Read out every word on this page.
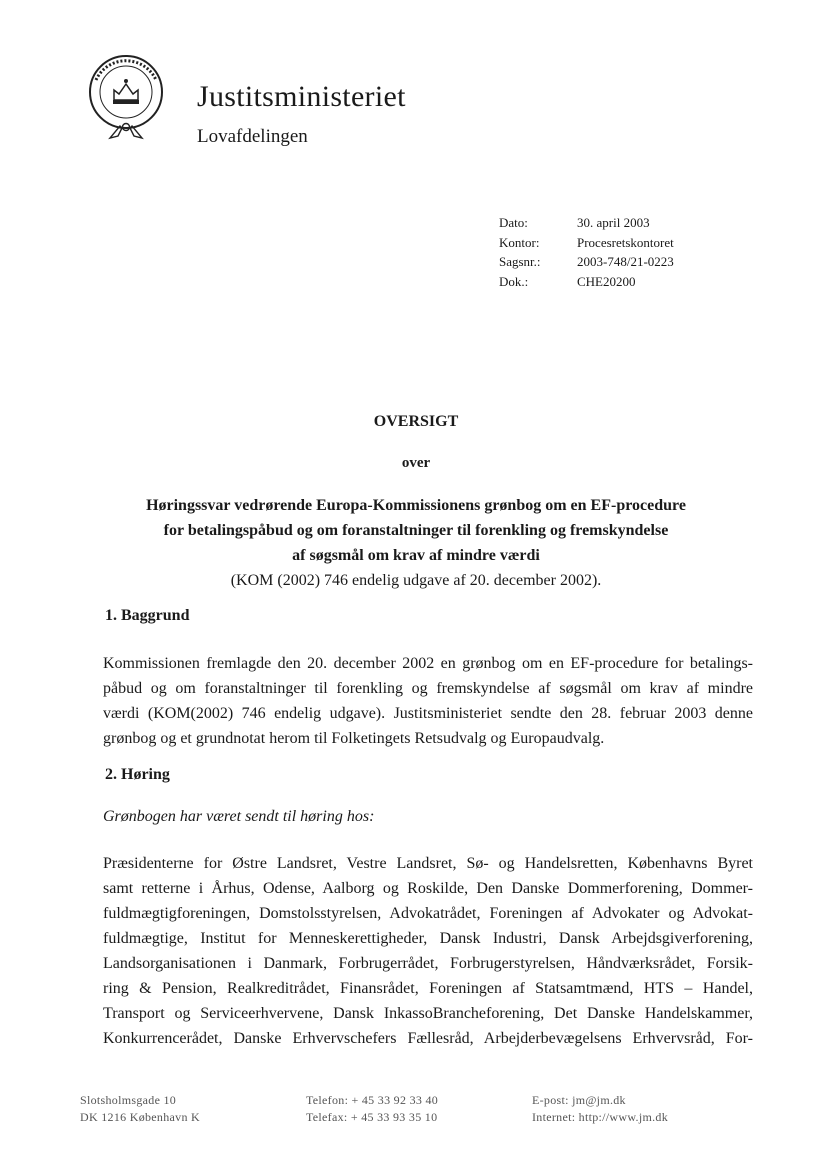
Justitsministeriet
Lovafdelingen
Dato:	30. april 2003
Kontor:	Procesretskontoret
Sagsnr.:	2003-748/21-0223
Dok.:	CHE20200
OVERSIGT
over
Høringssvar vedrørende Europa-Kommissionens grønbog om en EF-procedure
for betalingspåbud og om foranstaltninger til forenkling og fremskyndelse
af søgsmål om krav af mindre værdi
(KOM (2002) 746 endelig udgave af 20. december 2002).
1. Baggrund
Kommissionen fremlagde den 20. december 2002 en grønbog om en EF-procedure for betalings-
påbud og om foranstaltninger til forenkling og fremskyndelse af søgsmål om krav af mindre
værdi (KOM(2002) 746 endelig udgave). Justitsministeriet sendte den 28. februar 2003 denne
grønbog og et grundnotat herom til Folketingets Retsudvalg og Europaudvalg.
2. Høring
Grønbogen har været sendt til høring hos:
Præsidenterne for Østre Landsret, Vestre Landsret, Sø- og Handelsretten, Københavns Byret
samt retterne i Århus, Odense, Aalborg og Roskilde, Den Danske Dommerforening, Dommer-
fuldmægtigforeningen, Domstolsstyrelsen, Advokatrådet, Foreningen af Advokater og Advokat-
fuldmægtige, Institut for Menneskerettigheder, Dansk Industri, Dansk Arbejdsgiverforening,
Landsorganisationen i Danmark, Forbrugerrådet, Forbrugerstyrelsen, Håndværksrådet, Forsik-
ring & Pension, Realkreditrådet, Finansrådet, Foreningen af Statsamtmænd, HTS – Handel,
Transport og Serviceerhvervene, Dansk InkassoBrancheforening, Det Danske Handelskammer,
Konkurrencerådet, Danske Erhvervschefers Fællesråd, Arbejderbevægelsens Erhvervsråd, For-
Slotsholmsgade 10
DK 1216 København K
Telefon: + 45 33 92 33 40
Telefax: + 45 33 93 35 10
E-post: jm@jm.dk
Internet: http://www.jm.dk
